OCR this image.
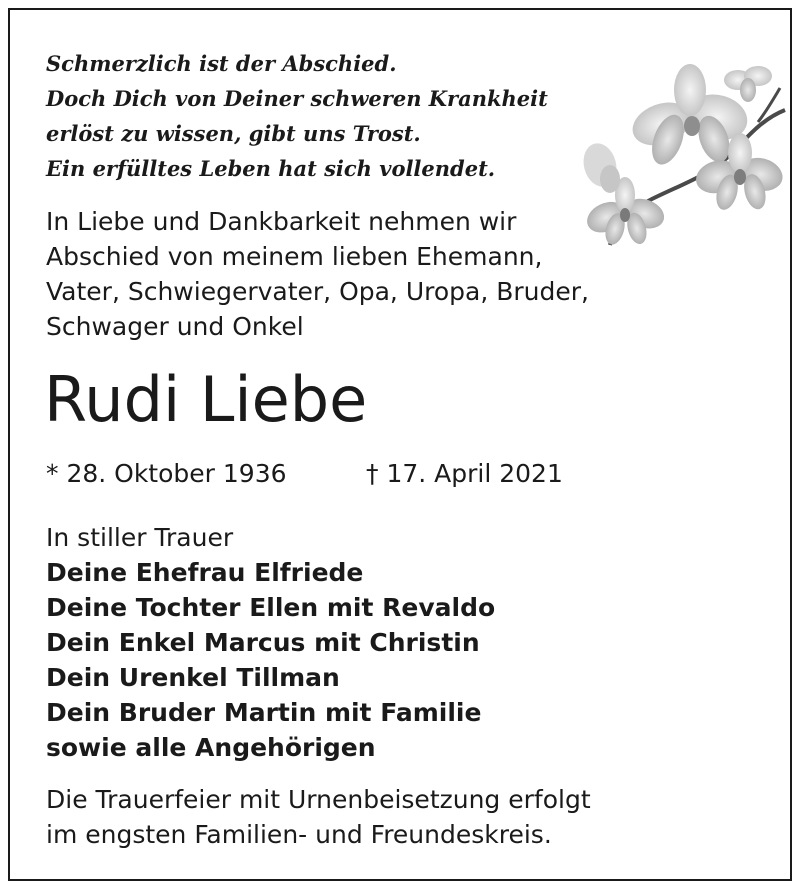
Schmerzlich ist der Abschied.
Doch Dich von Deiner schweren Krankheit
erlöst zu wissen, gibt uns Trost.
Ein erfülltes Leben hat sich vollendet.
In Liebe und Dankbarkeit nehmen wir
Abschied von meinem lieben Ehemann,
Vater, Schwiegervater, Opa, Uropa, Bruder,
Schwager und Onkel
Rudi Liebe
* 28. Oktober 1936	† 17. April 2021
In stiller Trauer
Deine Ehefrau Elfriede
Deine Tochter Ellen mit Revaldo
Dein Enkel Marcus mit Christin
Dein Urenkel Tillman
Dein Bruder Martin mit Familie
sowie alle Angehörigen
Die Trauerfeier mit Urnenbeisetzung erfolgt
im engsten Familien- und Freundeskreis.
